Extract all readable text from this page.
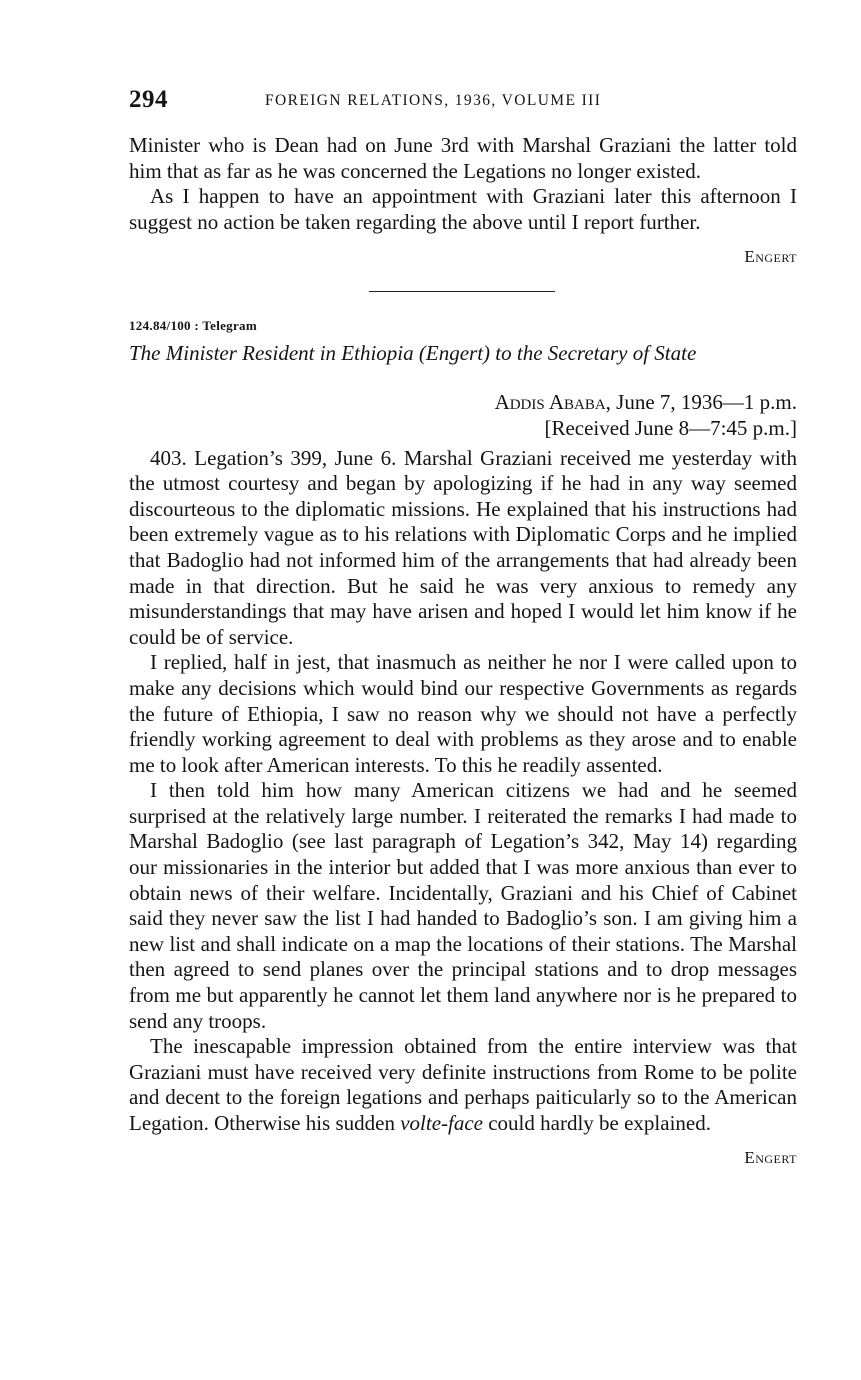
294	FOREIGN RELATIONS, 1936, VOLUME III

Minister who is Dean had on June 3rd with Marshal Graziani the latter told him that as far as he was concerned the Legations no longer existed.

As I happen to have an appointment with Graziani later this afternoon I suggest no action be taken regarding the above until I report further.

Engert
124.84/100 : Telegram
The Minister Resident in Ethiopia (Engert) to the Secretary of State
Addis Ababa, June 7, 1936—1 p.m.
[Received June 8—7:45 p.m.]

403. Legation’s 399, June 6. Marshal Graziani received me yesterday with the utmost courtesy and began by apologizing if he had in any way seemed discourteous to the diplomatic missions. He explained that his instructions had been extremely vague as to his relations with Diplomatic Corps and he implied that Badoglio had not informed him of the arrangements that had already been made in that direction. But he said he was very anxious to remedy any misunderstandings that may have arisen and hoped I would let him know if he could be of service.

I replied, half in jest, that inasmuch as neither he nor I were called upon to make any decisions which would bind our respective Governments as regards the future of Ethiopia, I saw no reason why we should not have a perfectly friendly working agreement to deal with problems as they arose and to enable me to look after American interests. To this he readily assented.

I then told him how many American citizens we had and he seemed surprised at the relatively large number. I reiterated the remarks I had made to Marshal Badoglio (see last paragraph of Legation’s 342, May 14) regarding our missionaries in the interior but added that I was more anxious than ever to obtain news of their welfare. Incidentally, Graziani and his Chief of Cabinet said they never saw the list I had handed to Badoglio’s son. I am giving him a new list and shall indicate on a map the locations of their stations. The Marshal then agreed to send planes over the principal stations and to drop messages from me but apparently he cannot let them land anywhere nor is he prepared to send any troops.

The inescapable impression obtained from the entire interview was that Graziani must have received very definite instructions from Rome to be polite and decent to the foreign legations and perhaps paiticularly so to the American Legation. Otherwise his sudden volte-face could hardly be explained.

Engert
